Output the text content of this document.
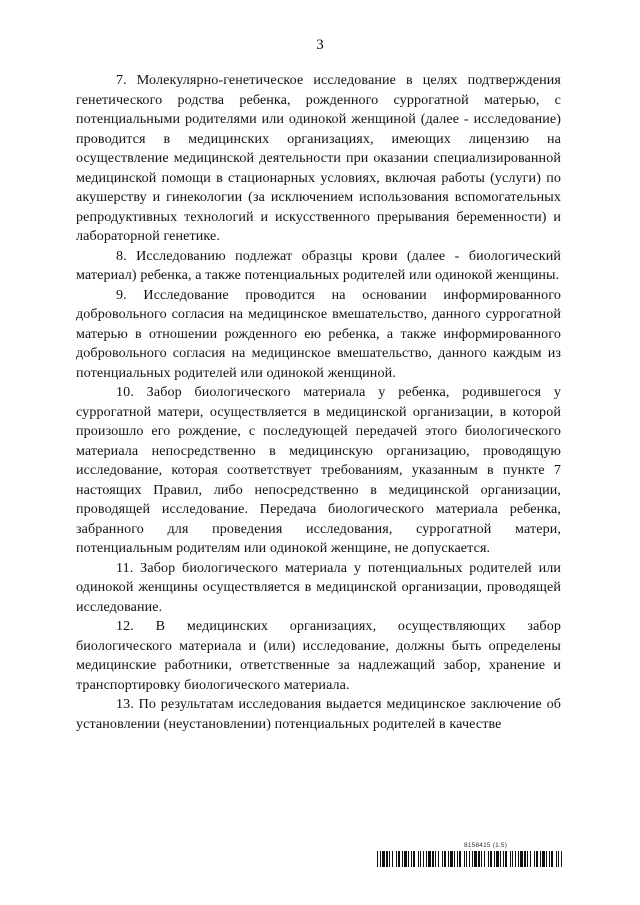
3

7. Молекулярно-генетическое исследование в целях подтверждения генетического родства ребенка, рожденного суррогатной матерью, с потенциальными родителями или одинокой женщиной (далее - исследование) проводится в медицинских организациях, имеющих лицензию на осуществление медицинской деятельности при оказании специализированной медицинской помощи в стационарных условиях, включая работы (услуги) по акушерству и гинекологии (за исключением использования вспомогательных репродуктивных технологий и искусственного прерывания беременности) и лабораторной генетике.

8. Исследованию подлежат образцы крови (далее - биологический материал) ребенка, а также потенциальных родителей или одинокой женщины.

9. Исследование проводится на основании информированного добровольного согласия на медицинское вмешательство, данного суррогатной матерью в отношении рожденного ею ребенка, а также информированного добровольного согласия на медицинское вмешательство, данного каждым из потенциальных родителей или одинокой женщиной.

10. Забор биологического материала у ребенка, родившегося у суррогатной матери, осуществляется в медицинской организации, в которой произошло его рождение, с последующей передачей этого биологического материала непосредственно в медицинскую организацию, проводящую исследование, которая соответствует требованиям, указанным в пункте 7 настоящих Правил, либо непосредственно в медицинской организации, проводящей исследование. Передача биологического материала ребенка, забранного для проведения исследования, суррогатной матери, потенциальным родителям или одинокой женщине, не допускается.

11. Забор биологического материала у потенциальных родителей или одинокой женщины осуществляется в медицинской организации, проводящей исследование.

12. В медицинских организациях, осуществляющих забор биологического материала и (или) исследование, должны быть определены медицинские работники, ответственные за надлежащий забор, хранение и транспортировку биологического материала.

13. По результатам исследования выдается медицинское заключение об установлении (неустановлении) потенциальных родителей в качестве

8158415 (1.5)
